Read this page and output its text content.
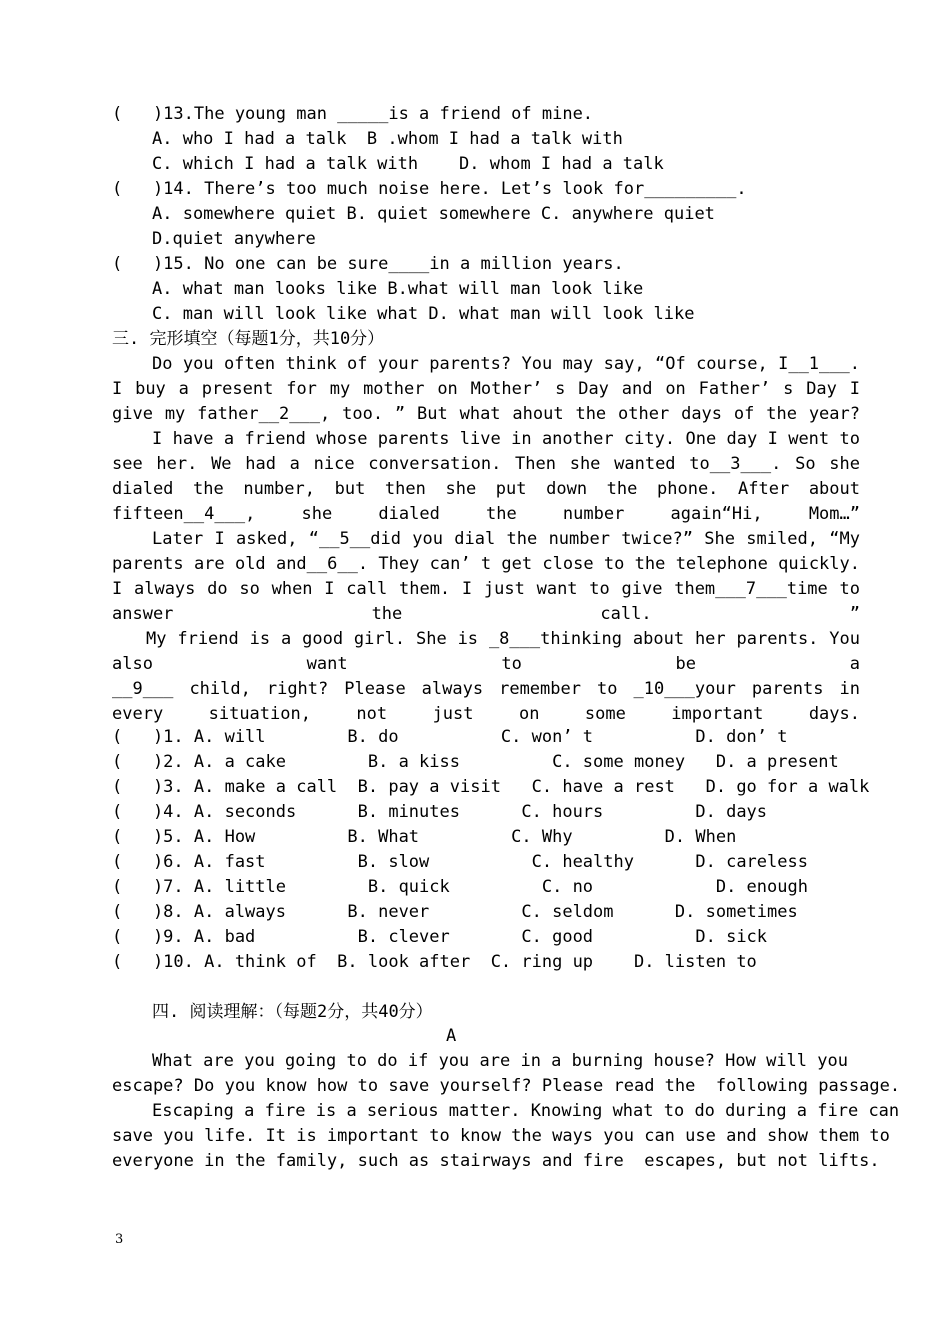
(   )13.The young man _____is a friend of mine.
A. who I had a talk  B .whom I had a talk with
C. which I had a talk with    D. whom I had a talk
(   )14. There’s too much noise here. Let’s look for_________.
A. somewhere quiet B. quiet somewhere C. anywhere quiet
D.quiet anywhere
(   )15. No one can be sure____in a million years.
A. what man looks like B.what will man look like
C. man will look like what D. what man will look like
三. 完形填空（每题1分，共10分）
Do you often think of your parents? You may say, “Of course, I__1___. I buy a present for my mother on Mother’ s Day and on Father’ s Day I give my father__2___, too. ” But what ahout the other days of the year?
I have a friend whose parents live in another city. One day I went to see her. We had a nice conversation. Then she wanted to__3___. So she dialed the number, but then she put down the phone. After about fifteen__4___, she dialed the number again“Hi, Mom…”
Later I asked, “__5__did you dial the number twice?” She smiled, “My parents are old and__6__. They can’ t get close to the telephone quickly. I always do so when I call them. I just want to give them___7___time to answer the call. ”
My friend is a good girl. She is _8___thinking about her parents. You also want to be a
__9___ child, right? Please always remember to _10___your parents in every situation, not just on some important days.
(   )1. A. will        B. do          C. won’ t          D. don’ t
(   )2. A. a cake        B. a kiss         C. some money   D. a present
(   )3. A. make a call  B. pay a visit   C. have a rest   D. go for a walk
(   )4. A. seconds      B. minutes      C. hours         D. days
(   )5. A. How         B. What         C. Why         D. When
(   )6. A. fast         B. slow          C. healthy      D. careless
(   )7. A. little        B. quick         C. no            D. enough
(   )8. A. always      B. never         C. seldom      D. sometimes
(   )9. A. bad          B. clever       C. good          D. sick
(   )10. A. think of  B. look after  C. ring up    D. listen to
四. 阅读理解：（每题2分，共40分）
A
What are you going to do if you are in a burning house? How will you
escape? Do you know how to save yourself? Please read the  following passage.
Escaping a fire is a serious matter. Knowing what to do during a fire can
save you life. It is important to know the ways you can use and show them to
everyone in the family, such as stairways and fire  escapes, but not lifts.
3
